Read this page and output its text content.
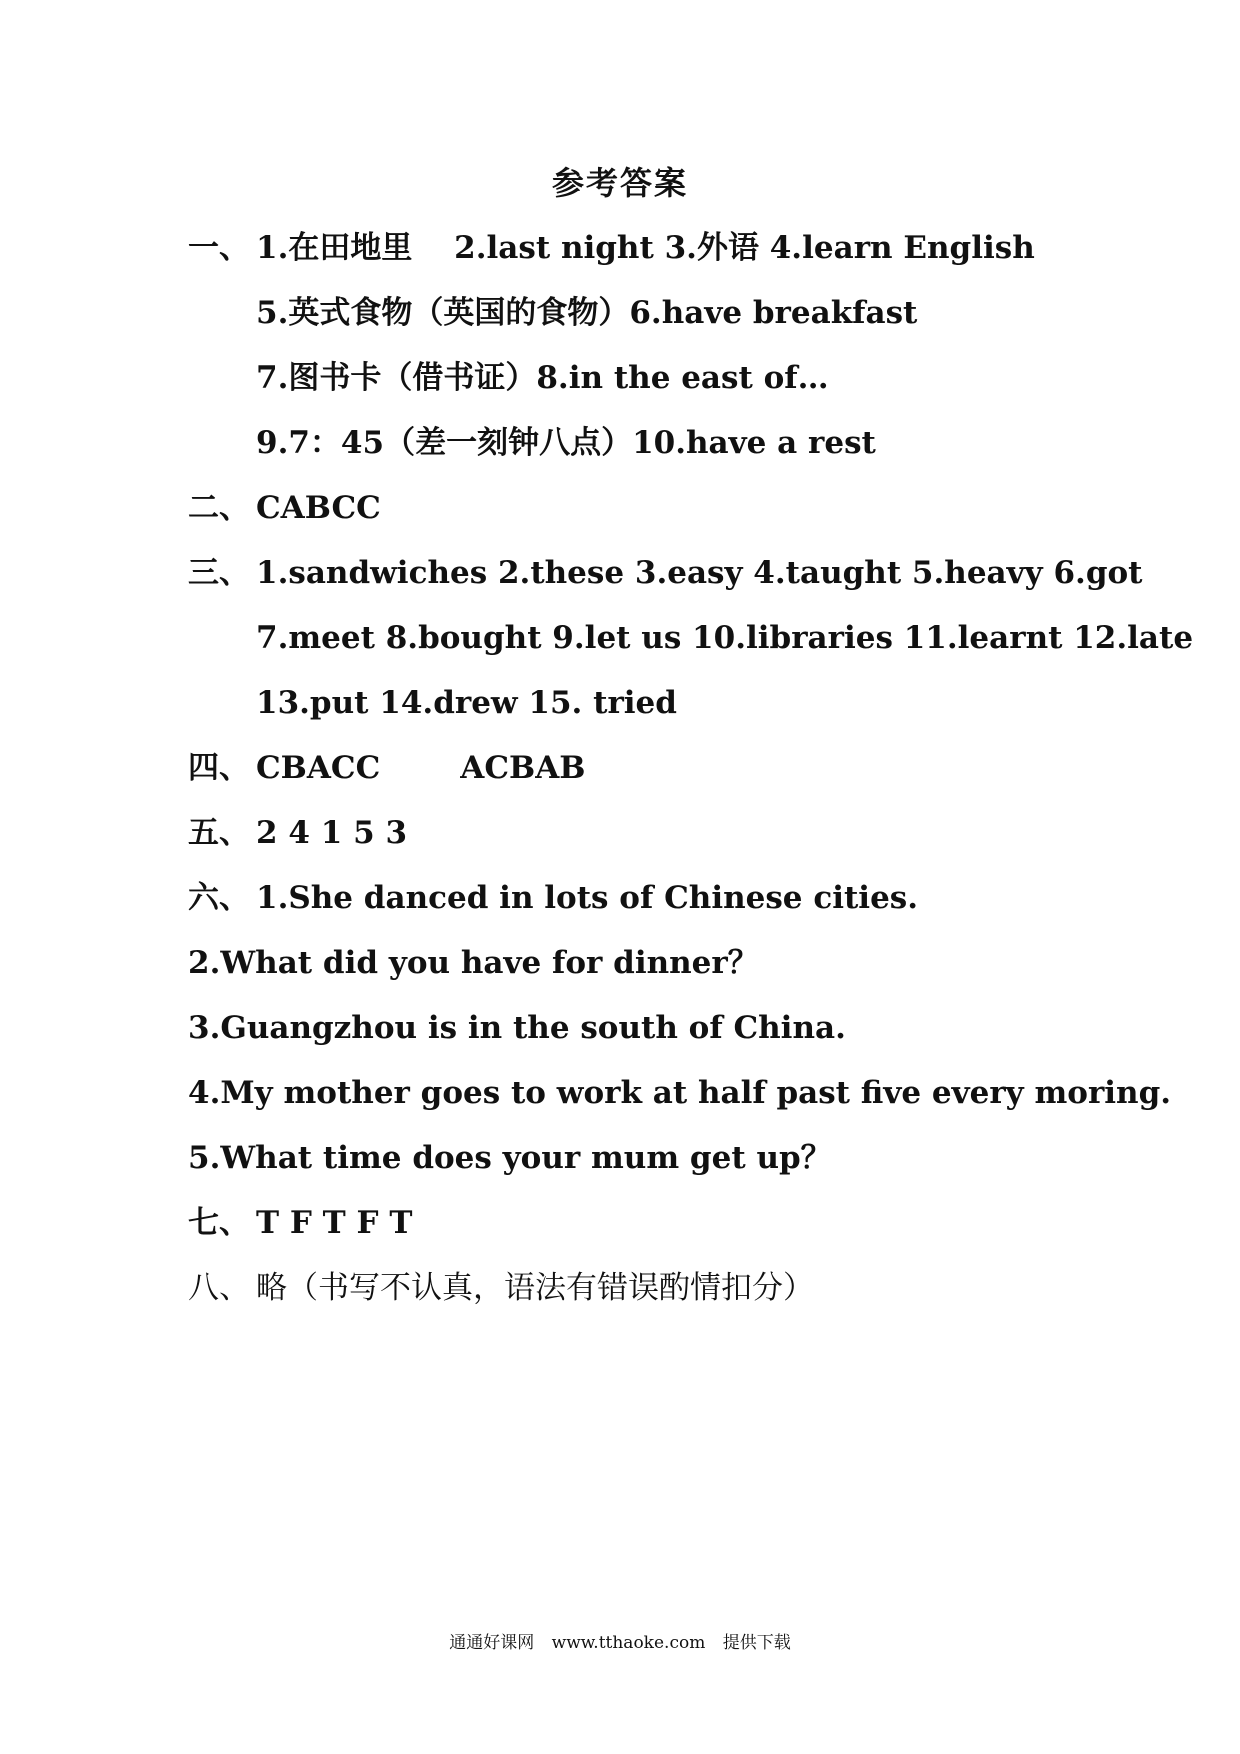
参考答案
一、 1.在田地里　 2.last night 3.外语 4.learn English
5.英式食物（英国的食物）6.have breakfast
7.图书卡（借书证）8.in the east of…
9.7：45（差一刻钟八点）10.have a rest
二、 CABCC
三、 1.sandwiches 2.these 3.easy 4.taught 5.heavy 6.got
7.meet 8.bought 9.let us 10.libraries 11.learnt 12.late
13.put 14.drew 15. tried
四、 CBACC	ACBAB
五、 2 4 1 5 3
六、 1.She danced in lots of Chinese cities.
2.What did you have for dinner？
3.Guangzhou is in the south of China.
4.My mother goes to work at half past five every moring.
5.What time does your mum get up？
七、 T F T F T
八、 略（书写不认真，语法有错误酌情扣分）
通通好课网 www.tthaoke.com 提供下载
